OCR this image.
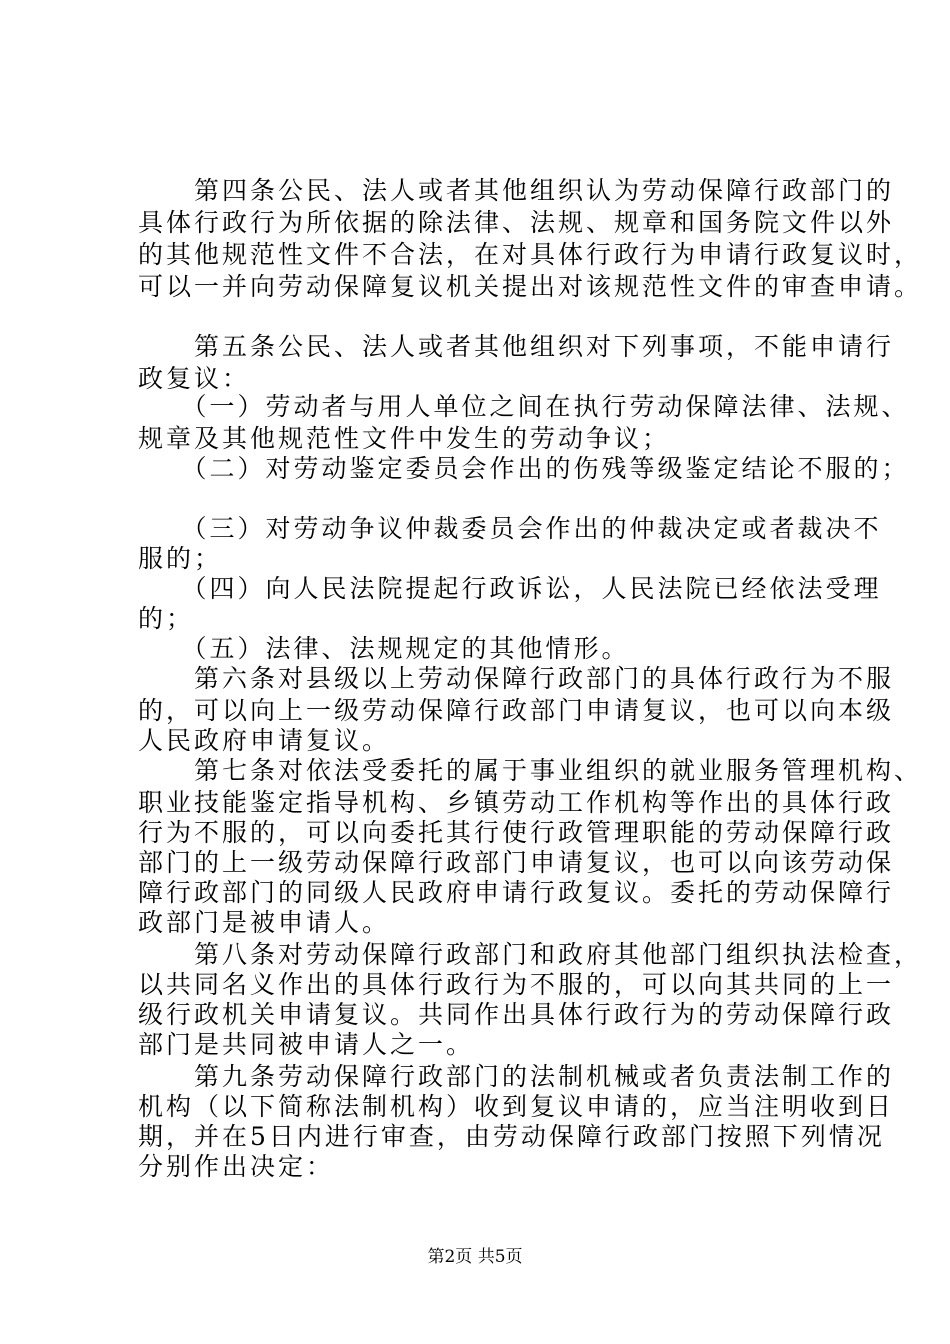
　　第四条公民、法人或者其他组织认为劳动保障行政部门的
具体行政行为所依据的除法律、法规、规章和国务院文件以外
的其他规范性文件不合法，在对具体行政行为申请行政复议时，
可以一并向劳动保障复议机关提出对该规范性文件的审查申请。
　　第五条公民、法人或者其他组织对下列事项，不能申请行
政复议：
　　（一）劳动者与用人单位之间在执行劳动保障法律、法规、
规章及其他规范性文件中发生的劳动争议；
　　（二）对劳动鉴定委员会作出的伤残等级鉴定结论不服的；
　　（三）对劳动争议仲裁委员会作出的仲裁决定或者裁决不
服的；
　　（四）向人民法院提起行政诉讼，人民法院已经依法受理
的；
　　（五）法律、法规规定的其他情形。
　　第六条对县级以上劳动保障行政部门的具体行政行为不服
的，可以向上一级劳动保障行政部门申请复议，也可以向本级
人民政府申请复议。
　　第七条对依法受委托的属于事业组织的就业服务管理机构、
职业技能鉴定指导机构、乡镇劳动工作机构等作出的具体行政
行为不服的，可以向委托其行使行政管理职能的劳动保障行政
部门的上一级劳动保障行政部门申请复议，也可以向该劳动保
障行政部门的同级人民政府申请行政复议。委托的劳动保障行
政部门是被申请人。
　　第八条对劳动保障行政部门和政府其他部门组织执法检查，
以共同名义作出的具体行政行为不服的，可以向其共同的上一
级行政机关申请复议。共同作出具体行政行为的劳动保障行政
部门是共同被申请人之一。
　　第九条劳动保障行政部门的法制机械或者负责法制工作的
机构（以下简称法制机构）收到复议申请的，应当注明收到日
期，并在5日内进行审查，由劳动保障行政部门按照下列情况
分别作出决定：
第2页 共5页
